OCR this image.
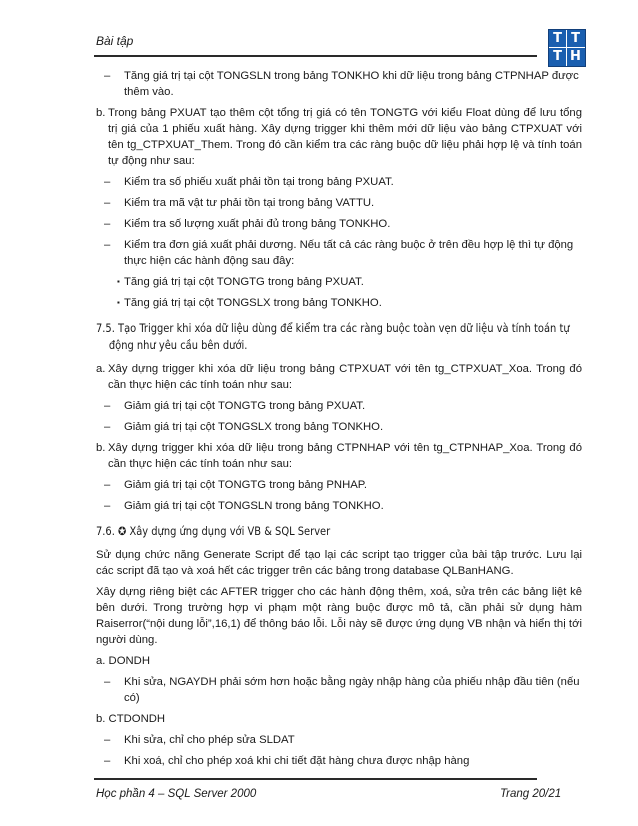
Bài tập	T T
T H
– Tăng giá trị tại cột TONGSLN trong bảng TONKHO khi dữ liệu trong bảng CTPNHAP được thêm vào.
b. Trong bảng PXUAT tạo thêm cột tổng trị giá có tên TONGTG với kiểu Float dùng để lưu tổng trị giá của 1 phiếu xuất hàng. Xây dựng trigger khi thêm mới dữ liệu vào bảng CTPXUAT với tên tg_CTPXUAT_Them. Trong đó cần kiểm tra các ràng buộc dữ liệu phải hợp lệ và tính toán tự động như sau:
– Kiểm tra số phiếu xuất phải tồn tại trong bảng PXUAT.
– Kiểm tra mã vật tư phải tồn tại trong bảng VATTU.
– Kiểm tra số lượng xuất phải đủ trong bảng TONKHO.
– Kiểm tra đơn giá xuất phải dương. Nếu tất cả các ràng buộc ở trên đều hợp lệ thì tự động thực hiện các hành động sau đây:
▪ Tăng giá trị tại cột TONGTG trong bảng PXUAT.
▪ Tăng giá trị tại cột TONGSLX trong bảng TONKHO.
7.5. Tạo Trigger khi xóa dữ liệu dùng để kiểm tra các ràng buộc toàn vẹn dữ liệu và tính toán tự
động như yêu cầu bên dưới.
a. Xây dựng trigger khi xóa dữ liệu trong bảng CTPXUAT với tên tg_CTPXUAT_Xoa. Trong đó cần thực hiện các tính toán như sau:
– Giảm giá trị tại cột TONGTG trong bảng PXUAT.
– Giảm giá trị tại cột TONGSLX trong bảng TONKHO.
b. Xây dựng trigger khi xóa dữ liệu trong bảng CTPNHAP với tên tg_CTPNHAP_Xoa. Trong đó cần thực hiện các tính toán như sau:
– Giảm giá trị tại cột TONGTG trong bảng PNHAP.
– Giảm giá trị tại cột TONGSLN trong bảng TONKHO.
7.6. ✪ Xây dựng ứng dụng với VB & SQL Server
Sử dụng chức năng Generate Script để tạo lại các script tạo trigger của bài tập trước. Lưu lại các script đã tạo và xoá hết các trigger trên các bảng trong database QLBanHANG.
Xây dựng riêng biệt các AFTER trigger cho các hành động thêm, xoá, sửa trên các bảng liệt kê bên dưới. Trong trường hợp vi phạm một ràng buộc được mô tả, cần phải sử dụng hàm Raiserror(“nội dung lỗi”,16,1) để thông báo lỗi. Lỗi này sẽ được ứng dụng VB nhận và hiển thị tới người dùng.
a. DONDH
– Khi sửa, NGAYDH phải sớm hơn hoặc bằng ngày nhập hàng của phiếu nhập đầu tiên (nếu có)
b. CTDONDH
– Khi sửa, chỉ cho phép sửa SLDAT
– Khi xoá, chỉ cho phép xoá khi chi tiết đặt hàng chưa được nhập hàng
Học phần 4 – SQL Server 2000	Trang 20/21
